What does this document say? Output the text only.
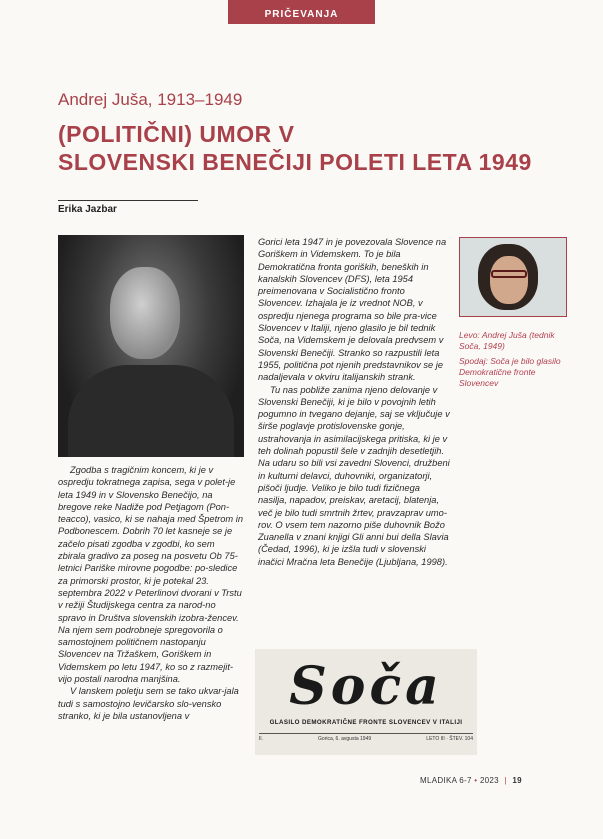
PRIČEVANJA
Andrej Juša, 1913–1949
(POLITIČNI) UMOR V
SLOVENSKI BENEČIJI POLETI LETA 1949
Erika Jazbar

Levo: Andrej Juša (tednik Soča, 1949)

Spodaj: Soča je bilo glasilo Demokratične fronte Slovencev

Zgodba s tragičnim koncem, ki je v ospredju tokratnega zapisa, sega v polet-je leta 1949 in v Slovensko Benečijo, na bregove reke Nadiže pod Petjagom (Pon-teacco), vasico, ki se nahaja med Špetrom in Podbonescem. Dobrih 70 let kasneje se je začelo pisati zgodba v zgodbi, ko sem zbirala gradivo za poseg na posvetu Ob 75-letnici Pariške mirovne pogodbe: po-sledice za primorski prostor, ki je potekal 23. septembra 2022 v Peterlinovi dvorani v Trstu v režiji Študijskega centra za narod-no spravo in Društva slovenskih izobra-žencev. Na njem sem podrobneje spregovorila o samostojnem političnem nastopanju Slovencev na Tržaškem, Goriškem in Videmskem po letu 1947, ko so z razmejit-vijo postali narodna manjšina.

V lanskem poletju sem se tako ukvar-jala tudi s samostojno levičarsko slo-vensko stranko, ki je bila ustanovljena v

Gorici leta 1947 in je povezovala Slovence na Goriškem in Videmskem. To je bila Demokratična fronta goriških, beneških in kanalskih Slovencev (DFS), leta 1954 preimenovana v Socialistično fronto Slovencev. Izhajala je iz vrednot NOB, v ospredju njenega programa so bile pra-vice Slovencev v Italiji, njeno glasilo je bil tednik Soča, na Videmskem je delovala predvsem v Slovenski Benečiji. Stranko so razpustili leta 1955, politična pot njenih predstavnikov se je nadaljevala v okviru italijanskih strank.

Tu nas pobliže zanima njeno delovanje v Slovenski Benečiji, ki je bilo v povojnih letih pogumno in tvegano dejanje, saj se vključuje v širše poglavje protislovenske gonje, ustrahovanja in asimilacijskega pritiska, ki je v teh dolinah popustil šele v zadnjih desetletjih. Na udaru so bili vsi zavedni Slovenci, družbeni in kulturni delavci, duhovniki, organizatorji, pišoči ljudje. Veliko je bilo tudi fizičnega nasilja, napadov, preiskav, aretacij, blatenja, več je bilo tudi smrtnih žrtev, pravzaprav umo-rov. O vsem tem nazorno piše duhovnik Božo Zuanella v znani knjigi Gli anni bui della Slavia (Čedad, 1996), ki je izšla tudi v slovenski inačici Mračna leta Benečije (Ljubljana, 1998).

Soča
GLASILO DEMOKRATIČNE FRONTE SLOVENCEV V ITALIJI
Il.	Gorica, 6. avgusta 1949	LETO III · ŠTEV. 104
MLADIKA 6-7 • 2023 | 19
